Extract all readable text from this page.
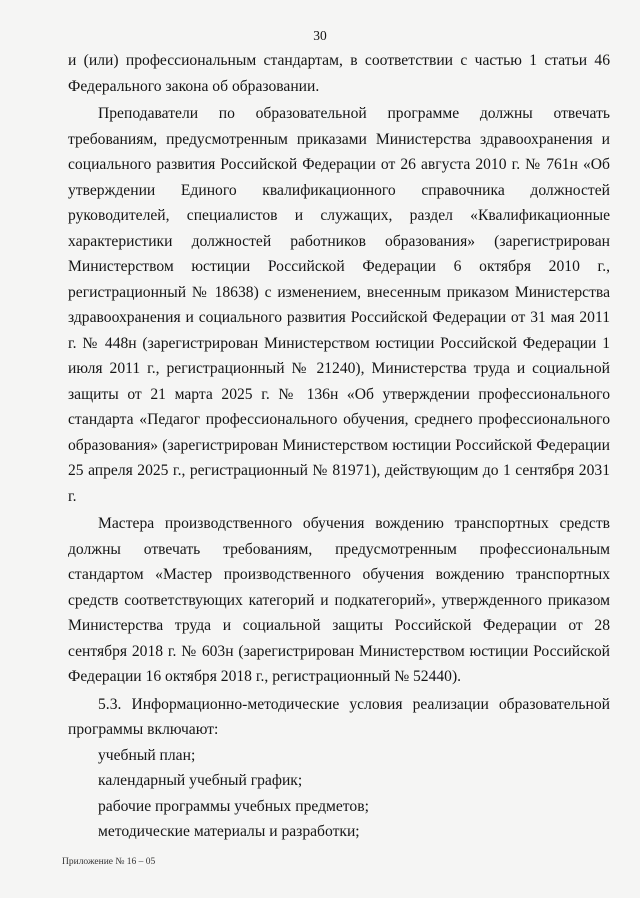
30

и (или) профессиональным стандартам, в соответствии с частью 1 статьи 46 Федерального закона об образовании.

Преподаватели по образовательной программе должны отвечать требованиям, предусмотренным приказами Министерства здравоохранения и социального развития Российской Федерации от 26 августа 2010 г. № 761н «Об утверждении Единого квалификационного справочника должностей руководителей, специалистов и служащих, раздел «Квалификационные характеристики должностей работников образования» (зарегистрирован Министерством юстиции Российской Федерации 6 октября 2010 г., регистрационный № 18638) с изменением, внесенным приказом Министерства здравоохранения и социального развития Российской Федерации от 31 мая 2011 г. № 448н (зарегистрирован Министерством юстиции Российской Федерации 1 июля 2011 г., регистрационный № 21240), Министерства труда и социальной защиты от 21 марта 2025 г. № 136н «Об утверждении профессионального стандарта «Педагог профессионального обучения, среднего профессионального образования» (зарегистрирован Министерством юстиции Российской Федерации 25 апреля 2025 г., регистрационный № 81971), действующим до 1 сентября 2031 г.

Мастера производственного обучения вождению транспортных средств должны отвечать требованиям, предусмотренным профессиональным стандартом «Мастер производственного обучения вождению транспортных средств соответствующих категорий и подкатегорий», утвержденного приказом Министерства труда и социальной защиты Российской Федерации от 28 сентября 2018 г. № 603н (зарегистрирован Министерством юстиции Российской Федерации 16 октября 2018 г., регистрационный № 52440).

5.3. Информационно-методические условия реализации образовательной программы включают:

учебный план;

календарный учебный график;

рабочие программы учебных предметов;

методические материалы и разработки;

Приложение № 16 – 05
